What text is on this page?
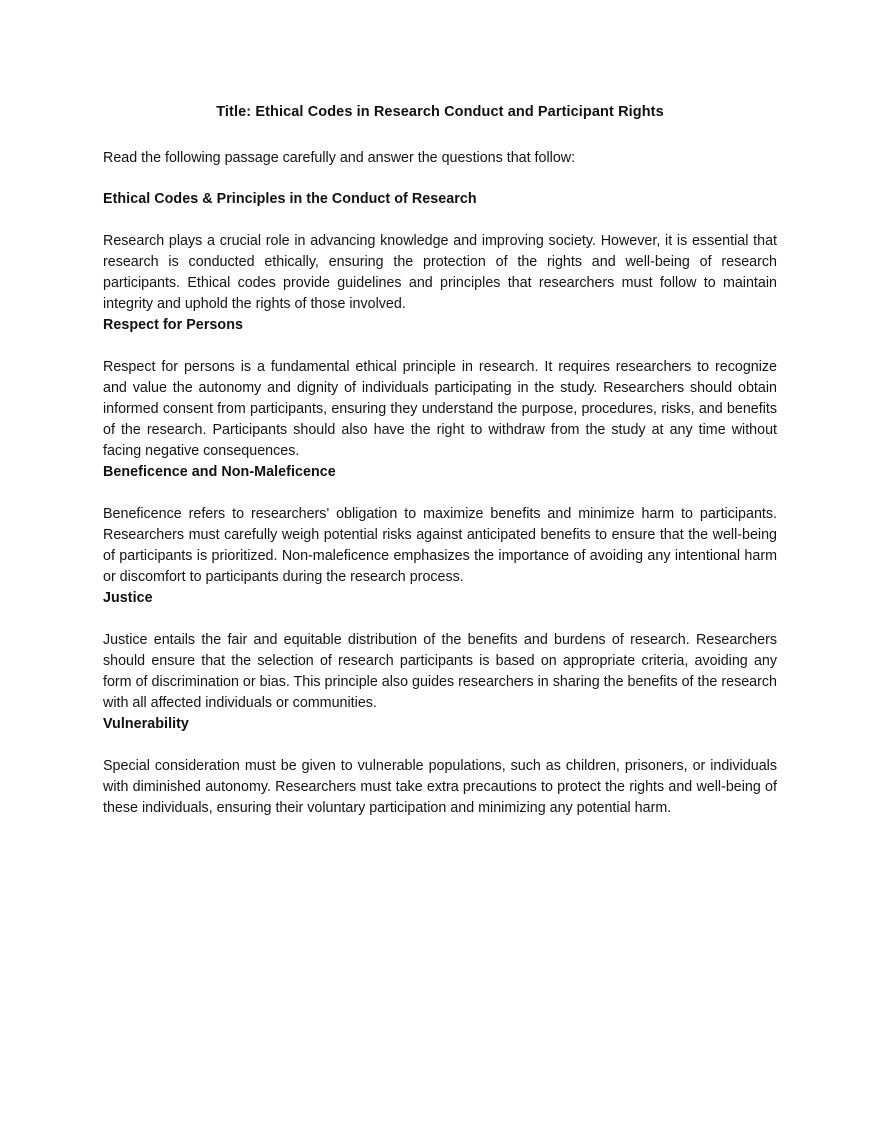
Title: Ethical Codes in Research Conduct and Participant Rights

Read the following passage carefully and answer the questions that follow:

Ethical Codes & Principles in the Conduct of Research

Research plays a crucial role in advancing knowledge and improving society. However, it is essential that research is conducted ethically, ensuring the protection of the rights and well-being of research participants. Ethical codes provide guidelines and principles that researchers must follow to maintain integrity and uphold the rights of those involved.

Respect for Persons

Respect for persons is a fundamental ethical principle in research. It requires researchers to recognize and value the autonomy and dignity of individuals participating in the study. Researchers should obtain informed consent from participants, ensuring they understand the purpose, procedures, risks, and benefits of the research. Participants should also have the right to withdraw from the study at any time without facing negative consequences.

Beneficence and Non-Maleficence

Beneficence refers to researchers' obligation to maximize benefits and minimize harm to participants. Researchers must carefully weigh potential risks against anticipated benefits to ensure that the well-being of participants is prioritized. Non-maleficence emphasizes the importance of avoiding any intentional harm or discomfort to participants during the research process.

Justice

Justice entails the fair and equitable distribution of the benefits and burdens of research. Researchers should ensure that the selection of research participants is based on appropriate criteria, avoiding any form of discrimination or bias. This principle also guides researchers in sharing the benefits of the research with all affected individuals or communities.

Vulnerability

Special consideration must be given to vulnerable populations, such as children, prisoners, or individuals with diminished autonomy. Researchers must take extra precautions to protect the rights and well-being of these individuals, ensuring their voluntary participation and minimizing any potential harm.
